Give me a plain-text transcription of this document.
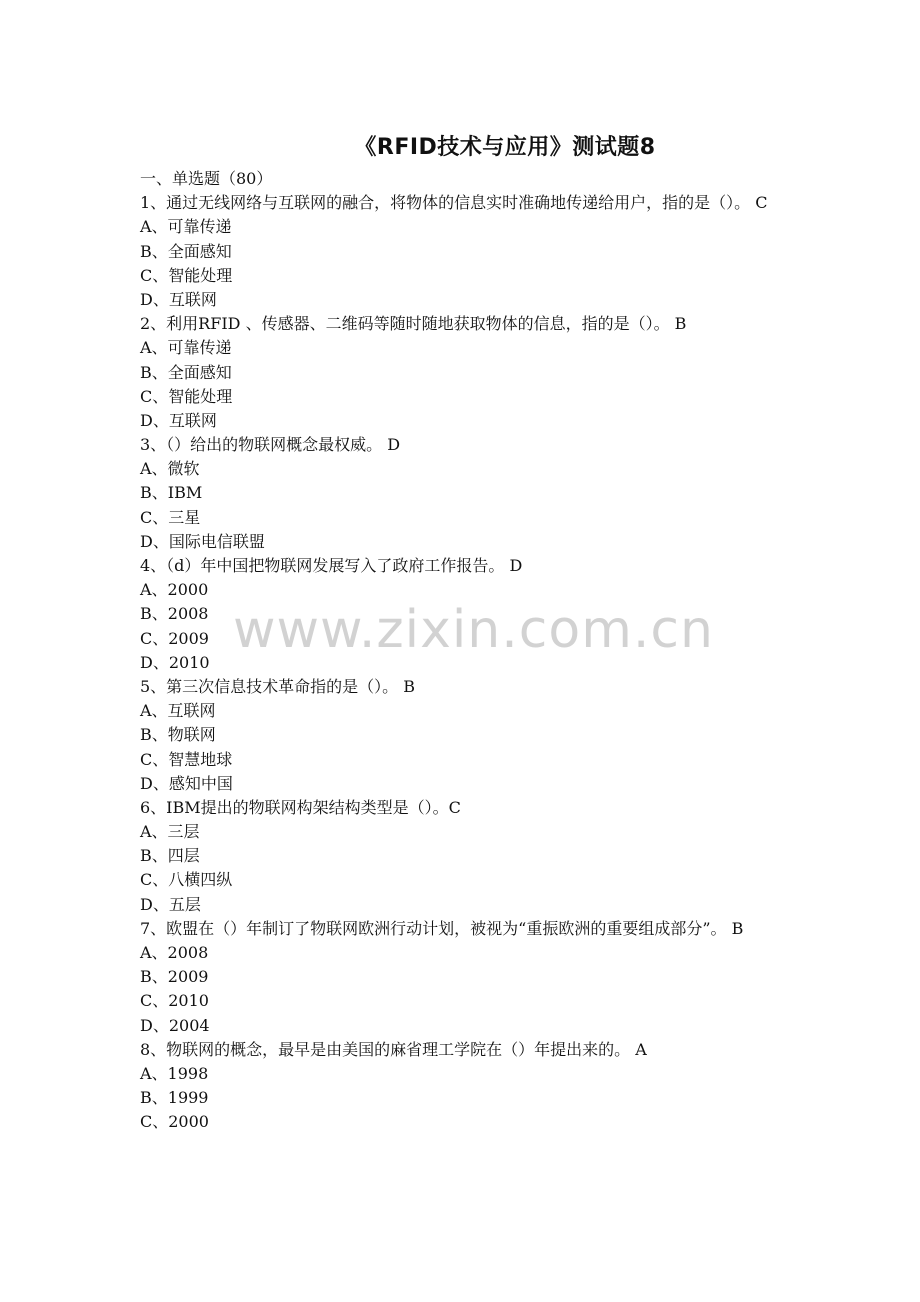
《RFID技术与应用》测试题8
一、单选题（80）
1、通过无线网络与互联网的融合，将物体的信息实时准确地传递给用户，指的是（）。 C
A、可靠传递
B、全面感知
C、智能处理
D、互联网
2、利用RFID 、传感器、二维码等随时随地获取物体的信息，指的是（）。 B
A、可靠传递
B、全面感知
C、智能处理
D、互联网
3、（）给出的物联网概念最权威。 D
A、微软
B、IBM
C、三星
D、国际电信联盟
4、（d）年中国把物联网发展写入了政府工作报告。 D
A、2000
B、2008
C、2009
D、2010
5、第三次信息技术革命指的是（）。 B
A、互联网
B、物联网
C、智慧地球
D、感知中国
6、IBM提出的物联网构架结构类型是（）。C
A、三层
B、四层
C、八横四纵
D、五层
7、欧盟在（）年制订了物联网欧洲行动计划，被视为“重振欧洲的重要组成部分”。 B
A、2008
B、2009
C、2010
D、2004
8、物联网的概念，最早是由美国的麻省理工学院在（）年提出来的。 A
A、1998
B、1999
C、2000
www.zixin.com.cn
